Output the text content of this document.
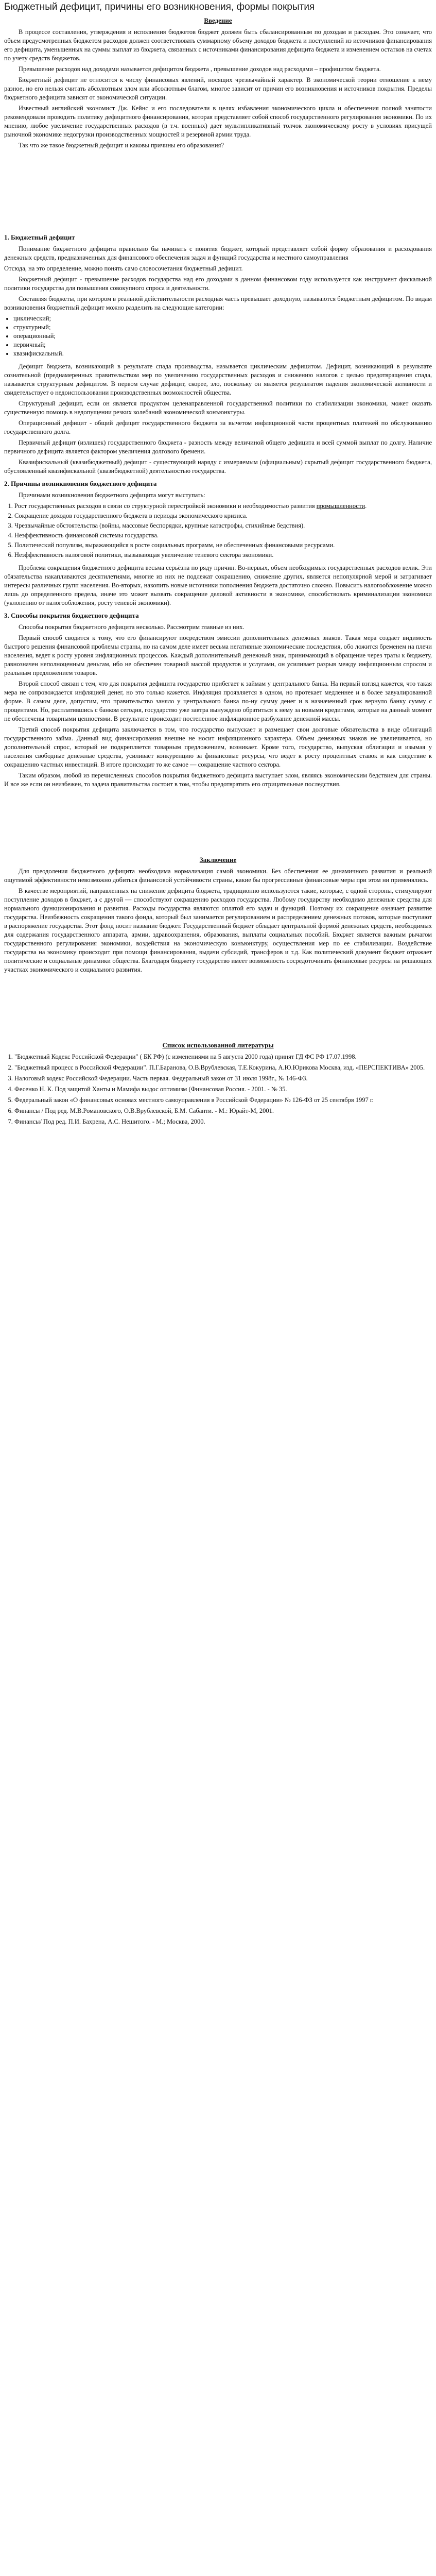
Бюджетный дефицит, причины его возникновения, формы покрытия
Введение

В процессе составления, утверждения и исполнения бюджетов бюджет должен быть сбалансированным по доходам и расходам. Это означает, что объем предусмотренных бюджетом расходов должен соответствовать суммарному объему доходов бюджета и поступлений из источников финансирования его дефицита, уменьшенных на суммы выплат из бюджета, связанных с источниками финансирования дефицита бюджета и изменением остатков на счетах по учету средств бюджетов.

Превышение расходов над доходами называется дефицитом бюджета , превышение доходов над расходами – профицитом бюджета.

Бюджетный дефицит не относится к числу финансовых явлений, носящих чрезвычайный характер. В экономической теории отношение к нему разное, но его нельзя считать абсолютным злом или абсолютным благом, многое зависит от причин его возникновения и источников покрытия. Пределы бюджетного дефицита зависят от экономической ситуации.

Известный английский экономист Дж. Кейнс и его последователи в целях избавления экономического цикла и обеспечения полной занятости рекомендовали проводить политику дефицитного финансирования, которая представляет собой способ государственного регулирования экономики. По их мнению, любое увеличение государственных расходов (в т.ч. военных) дает мультипликативный толчок экономическому росту в условиях присущей рыночной экономике недогрузки производственных мощностей и резервной армии труда.

Так что же такое бюджетный дефицит и каковы причины его образования?

1. Бюджетный дефицит

Понимание бюджетного дефицита правильно бы начинать с понятия бюджет, который представляет собой форму образования и расходования денежных средств, предназначенных для финансового обеспечения задач и функций государства и местного самоуправления

Отсюда, на это определение, можно понять само словосочетания бюджетный дефицит.

Бюджетный дефицит - превышение расходов государства над его доходами в данном финансовом году используется как инструмент фискальной политики государства для повышения совокупного спроса и деятельности.

Составляя бюджеты, при котором в реальной действительности расходная часть превышает доходную, называются бюджетным дефицитом. По видам возникновения бюджетный дефицит можно разделить на следующие категории:

• циклический;
• структурный;
• операционный;
• первичный;
• квазифискальный.

Дефицит бюджета, возникающий в результате спада производства, называется циклическим дефицитом. Дефицит, возникающий в результате сознательной (преднамеренных правительством мер по увеличению государственных расходов и снижению налогов с целью предотвращения спада, называется структурным дефицитом. В первом случае дефицит, скорее, зло, поскольку он является результатом падения экономической активности и свидетельствует о недоиспользовании производственных возможностей общества.

Структурный дефицит, если он является продуктом целенаправленной государственной политики по стабилизации экономики, может оказать существенную помощь в недопущении резких колебаний экономической конъюнктуры.

Операционный дефицит - общий дефицит государственного бюджета за вычетом инфляционной части процентных платежей по обслуживанию государственного долга.

Первичный дефицит (излишек) государственного бюджета - разность между величиной общего дефицита и всей суммой выплат по долгу. Наличие первичного дефицита является фактором увеличения долгового бремени.

Квазифискальный (квазибюджетный) дефицит - существующий наряду с измеряемым (официальным) скрытый дефицит государственного бюджета, обусловленный квазифискальной (квазибюджетной) деятельностью государства.

2. Причины возникновения бюджетного дефицита

Причинами возникновения бюджетного дефицита могут выступать:

1. Рост государственных расходов в связи со структурной перестройкой экономики и необходимостью развития промышленности.
2. Сокращение доходов государственного бюджета в периоды экономического кризиса.
3. Чрезвычайные обстоятельства (войны, массовые беспорядки, крупные катастрофы, стихийные бедствия).
4. Неэффективность финансовой системы государства.
5. Политический популизм, выражающийся в росте социальных программ, не обеспеченных финансовыми ресурсами.
6. Неэффективность налоговой политики, вызывающая увеличение теневого сектора экономики.

Проблема сокращения бюджетного дефицита весьма серьёзна по ряду причин. Во-первых, объем необходимых государственных расходов велик. Эти обязательства накапливаются десятилетиями, многие из них не подлежат сокращению, снижение других, является непопулярной мерой и затрагивает интересы различных групп населения. Во-вторых, накопить новые источники пополнения бюджета достаточно сложно. Повысить налогообложение можно лишь до определенного предела, иначе это может вызвать сокращение деловой активности в экономике, способствовать криминализации экономики (уклонению от налогообложения, росту теневой экономики).

3. Способы покрытия бюджетного дефицита

Способы покрытия бюджетного дефицита несколько. Рассмотрим главные из них.

Первый способ сводится к тому, что его финансируют посредством эмиссии дополнительных денежных знаков. Такая мера создает видимость быстрого решения финансовой проблемы страны, но на самом деле имеет весьма негативные экономические последствия, обо ложится бременем на плечи населения, ведет к росту уровня инфляционных процессов. Каждый дополнительный денежный знак, принимающий в обращение через траты к бюджету, равнозначен неполноценным деньгам, ибо не обеспечен товарной массой продуктов и услугами, он усиливает разрыв между инфляционным спросом и реальным предложением товаров.

Второй способ связан с тем, что для покрытия дефицита государство прибегает к займам у центрального банка. На первый взгляд кажется, что такая мера не сопровождается инфляцией денег, но это только кажется. Инфляция проявляется в одном, но протекает медленнее и в более завуалированной форме. В самом деле, допустим, что правительство заняло у центрального банка пo-ну сумму денег и в назначенный срок вернуло банку сумму с процентами. Но, расплатившись с банком сегодня, государство уже завтра вынуждено обратиться к нему за новыми кредитами, которые на данный момент не обеспечены товарными ценностями. В результате происходит постепенное инфляционное разбухание денежной массы.

Третий способ покрытия дефицита заключается в том, что государство выпускает и размещает свои долговые обязательства в виде облигаций государственного займа. Данный вид финансирования внешне не носит инфляционного характера. Объем денежных знаков не увеличивается, но дополнительный спрос, который не подкрепляется товарным предложением, возникает. Кроме того, государство, выпуская облигации и изымая у населения свободные денежные средства, усиливает конкуренцию за финансовые ресурсы, что ведет к росту процентных ставок и как следствие к сокращению частных инвестиций. В итоге происходит то же самое — сокращение частного сектора.

Таким образом, любой из перечисленных способов покрытия бюджетного дефицита выступает злом, являясь экономическим бедствием для страны. И все же если он неизбежен, то задача правительства состоит в том, чтобы предотвратить его отрицательные последствия.

Заключение

Для преодоления бюджетного дефицита необходима нормализация самой экономики. Без обеспечения ее динамичного развития и реальной ощутимой эффективности невозможно добиться финансовой устойчивости страны, какие бы прогрессивные финансовые меры при этом ни применялись.

В качестве мероприятий, направленных на снижение дефицита бюджета, традиционно используются такие, которые, с одной стороны, стимулируют поступление доходов в бюджет, а с другой — способствуют сокращению расходов государства. Любому государству необходимо денежные средства для нормального функционирования и развития. Расходы государства являются оплатой его задач и функций. Поэтому их сокращение означает развитие государства. Неизбежность сокращения такого фонда, который был занимается регулированием и распределением денежных потоков, которые поступают в распоряжение государства. Этот фонд носит название бюджет. Государственный бюджет обладает центральной формой денежных средств, необходимых для содержания государственного аппарата, армии, здравоохранения, образования, выплаты социальных пособий. Бюджет является важным рычагом государственного регулирования экономики, воздействия на экономическую конъюнктуру, осуществления мер по ее стабилизации. Воздействие государства на экономику происходит при помощи финансирования, выдачи субсидий, трансферов и т.д. Как политический документ бюджет отражает политические и социальные динамики общества. Благодаря бюджету государство имеет возможность сосредоточивать финансовые ресурсы на решающих участках экономического и социального развития.

Список использованной литературы
1. "Бюджетный Кодекс Российской Федерации" ( БК РФ) (с изменениями на 5 августа 2000 года) принят ГД ФС РФ 17.07.1998.
2. "Бюджетный процесс в Российской Федерации". П.Г.Баранова, О.В.Врублевская, Т.Е.Кокурина, А.Ю.Юрикова Москва, изд. «ПЕРСПЕКТИВА» 2005.
3. Налоговый кодекс Российской Федерации. Часть первая. Федеральный закон от 31 июля 1998г., № 146-ФЗ.
4. Фесенко Н. К. Под защитой Ханты и Мамифа выдос оптимизм (Финансовая Россия. - 2001. - № 35.
5. Федеральный закон «О финансовых основах местного самоуправления в Российской Федерации» № 126-ФЗ от 25 сентября 1997 г.
6. Финансы / Под ред. М.В.Романовского, О.В.Врублевской, Б.М. Сабанти. - М.: Юрайт-М, 2001.
7. Финансы/ Под ред. П.И. Бахрена, А.С. Нешитого. - М.; Москва, 2000.
